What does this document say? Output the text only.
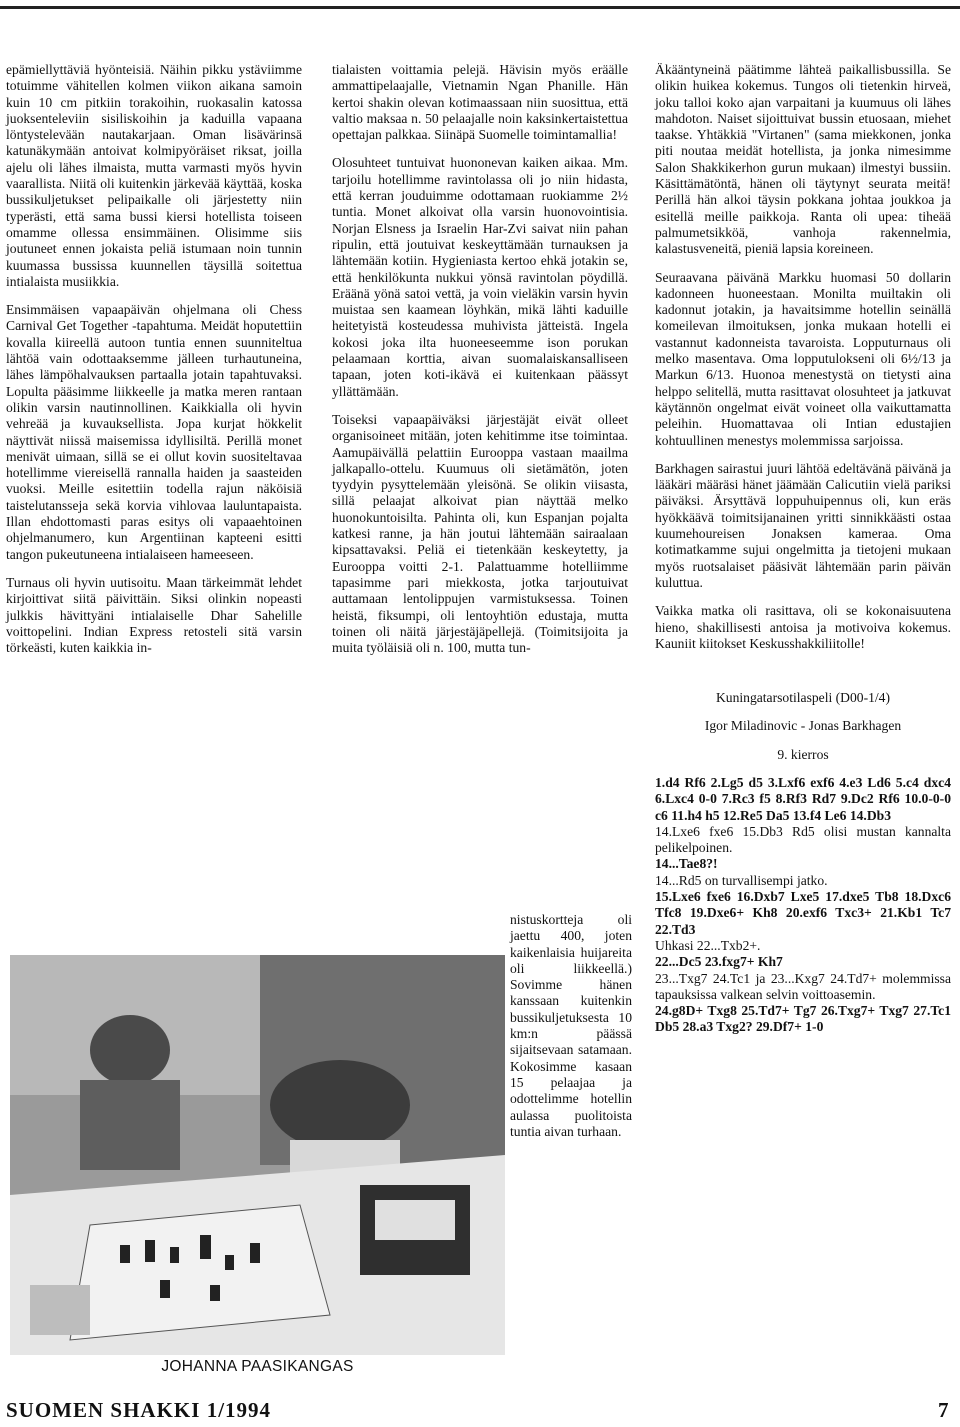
epämiellyttäviä hyönteisiä. Näihin pikku ystäviimme totuimme vähitellen kolmen viikon aikana samoin kuin 10 cm pitkiin torakoihin, ruokasalin katossa juoksenteleviin sisiliskoihin ja kaduilla vapaana löntystelevään nautakarjaan. Oman lisävärinsä katunäkymään antoivat kolmipyöräiset riksat, joilla ajelu oli lähes ilmaista, mutta varmasti myös hyvin vaarallista. Niitä oli kuitenkin järkevää käyttää, koska bussikuljetukset pelipaikalle oli järjestetty niin typerästi, että sama bussi kiersi hotellista toiseen omamme ollessa ensimmäinen. Olisimme siis joutuneet ennen jokaista peliä istumaan noin tunnin kuumassa bussissa kuunnellen täysillä soitettua intialaista musiikkia.

Ensimmäisen vapaapäivän ohjelmana oli Chess Carnival Get Together -tapahtuma. Meidät hoputettiin kovalla kiireellä autoon tuntia ennen suunniteltua lähtöä vain odottaaksemme jälleen turhautuneina, lähes lämpöhalvauksen partaalla jotain tapahtuvaksi. Lopulta pääsimme liikkeelle ja matka meren rantaan olikin varsin nautinnollinen. Kaikkialla oli hyvin vehreää ja kuvauksellista. Jopa kurjat hökkelit näyttivät niissä maisemissa idyllisiltä. Perillä monet menivät uimaan, sillä se ei ollut kovin suositeltavaa hotellimme viereisellä rannalla haiden ja saasteiden vuoksi. Meille esitettiin todella rajun näköisiä taistelutansseja sekä korvia vihlovaa lauluntapaista. Illan ehdottomasti paras esitys oli vapaaehtoinen ohjelmanumero, kun Argentiinan kapteeni esitti tangon pukeutuneena intialaiseen hameeseen.

Turnaus oli hyvin uutisoitu. Maan tärkeimmät lehdet kirjoittivat siitä päivittäin. Siksi olinkin nopeasti julkkis hävittyäni intialaiselle Dhar Sahelille voittopelini. Indian Express retosteli sitä varsin törkeästi, kuten kaikkia in-

tialaisten voittamia pelejä. Hävisin myös eräälle ammattipelaajalle, Vietnamin Ngan Phanille. Hän kertoi shakin olevan kotimaassaan niin suosittua, että valtio maksaa n. 50 pelaajalle noin kaksinkertaistettua opettajan palkkaa. Siinäpä Suomelle toimintamallia!

Olosuhteet tuntuivat huononevan kaiken aikaa. Mm. tarjoilu hotellimme ravintolassa oli jo niin hidasta, että kerran jouduimme odottamaan ruokiamme 2½ tuntia. Monet alkoivat olla varsin huonovointisia. Norjan Elsness ja Israelin Har-Zvi saivat niin pahan ripulin, että joutuivat keskeyttämään turnauksen ja lähtemään kotiin. Hygieniasta kertoo ehkä jotakin se, että henkilökunta nukkui yönsä ravintolan pöydillä. Eräänä yönä satoi vettä, ja voin vieläkin varsin hyvin muistaa sen kaamean löyhkän, mikä lähti kaduille heitetyistä kosteudessa muhivista jätteistä. Ingela kokosi joka ilta huoneeseemme ison porukan pelaamaan korttia, aivan suomalaiskansalliseen tapaan, joten koti-ikävä ei kuitenkaan päässyt yllättämään.

Toiseksi vapaapäiväksi järjestäjät eivät olleet organisoineet mitään, joten kehitimme itse toimintaa. Aamupäivällä pelattiin Eurooppa vastaan maailma jalkapallo-ottelu. Kuumuus oli sietämätön, joten tyydyin pysyttelemään yleisönä. Se olikin viisasta, sillä pelaajat alkoivat pian näyttää melko huonokuntoisilta. Pahinta oli, kun Espanjan pojalta katkesi ranne, ja hän joutui lähtemään sairaalaan kipsattavaksi. Peliä ei tietenkään keskeytetty, ja Eurooppa voitti 2-1. Palattuamme hotelliimme tapasimme pari miekkosta, jotka tarjoutuivat auttamaan lentolippujen varmistuksessa. Toinen heistä, fiksumpi, oli lentoyhtiön edustaja, mutta toinen oli näitä järjestäjäpellejä. (Toimitsijoita ja muita työläisiä oli n. 100, mutta tun-

nistuskortteja oli jaettu 400, joten kaikenlaisia huijareita oli liikkeellä.) Sovimme hänen kanssaan kuitenkin bussikuljetuksesta 10 km:n päässä sijaitsevaan satamaan. Kokosimme kasaan 15 pelaajaa ja odottelimme hotellin aulassa puolitoista tuntia aivan turhaan.
JOHANNA PAASIKANGAS

Äkääntyneinä päätimme lähteä paikallisbussilla. Se olikin huikea kokemus. Tungos oli tietenkin hirveä, joku talloi koko ajan varpaitani ja kuumuus oli lähes mahdoton. Naiset sijoittuivat bussin etuosaan, miehet taakse. Yhtäkkiä "Virtanen" (sama miekkonen, jonka piti noutaa meidät hotellista, ja jonka nimesimme Salon Shakkikerhon gurun mukaan) ilmestyi bussiin. Käsittämätöntä, hänen oli täytynyt seurata meitä! Perillä hän alkoi täysin pokkana johtaa joukkoa ja esitellä meille paikkoja. Ranta oli upea: tiheää palmumetsikköä, vanhoja rakennelmia, kalastusveneitä, pieniä lapsia koreineen.

Seuraavana päivänä Markku huomasi 50 dollarin kadonneen huoneestaan. Monilta muiltakin oli kadonnut jotakin, ja havaitsimme hotellin seinällä komeilevan ilmoituksen, jonka mukaan hotelli ei vastannut kadonneista tavaroista. Lopputurnaus oli melko masentava. Oma lopputulokseni oli 6½/13 ja Markun 6/13. Huonoa menestystä on tietysti aina helppo selitellä, mutta rasittavat olosuhteet ja jatkuvat käytännön ongelmat eivät voineet olla vaikuttamatta peleihin. Huomattavaa oli Intian edustajien kohtuullinen menestys molemmissa sarjoissa.

Barkhagen sairastui juuri lähtöä edeltävänä päivänä ja lääkäri määräsi hänet jäämään Calicutiin vielä pariksi päiväksi. Ärsyttävä loppuhuipennus oli, kun eräs hyökkäävä toimitsijanainen yritti sinnikkäästi ostaa kuumehoureisen Jonaksen kameraa. Oma kotimatkamme sujui ongelmitta ja tietojeni mukaan myös ruotsalaiset pääsivät lähtemään parin päivän kuluttua.

Vaikka matka oli rasittava, oli se kokonaisuutena hieno, shakillisesti antoisa ja motivoiva kokemus. Kauniit kiitokset Keskusshakkiliitolle!

Kuningatarsotilaspeli (D00-1/4)

Igor Miladinovic - Jonas Barkhagen

9. kierros

1.d4 Rf6 2.Lg5 d5 3.Lxf6 exf6 4.e3 Ld6 5.c4 dxc4 6.Lxc4 0-0 7.Rc3 f5 8.Rf3 Rd7 9.Dc2 Rf6 10.0-0-0 c6 11.h4 h5 12.Re5 Da5 13.f4 Le6 14.Db3

14.Lxe6 fxe6 15.Db3 Rd5 olisi mustan kannalta pelikelpoinen.

14...Tae8?!

14...Rd5 on turvallisempi jatko.

15.Lxe6 fxe6 16.Dxb7 Lxe5 17.dxe5 Tb8 18.Dxc6 Tfc8 19.Dxe6+ Kh8 20.exf6 Txc3+ 21.Kb1 Tc7 22.Td3

Uhkasi 22...Txb2+.

22...Dc5 23.fxg7+ Kh7

23...Txg7 24.Tc1 ja 23...Kxg7 24.Td7+ molemmissa tapauksissa valkean selvin voittoasemin.

24.g8D+ Txg8 25.Td7+ Tg7 26.Txg7+ Txg7 27.Tc1 Db5 28.a3 Txg2? 29.Df7+ 1-0

SUOMEN SHAKKI 1/1994	7
